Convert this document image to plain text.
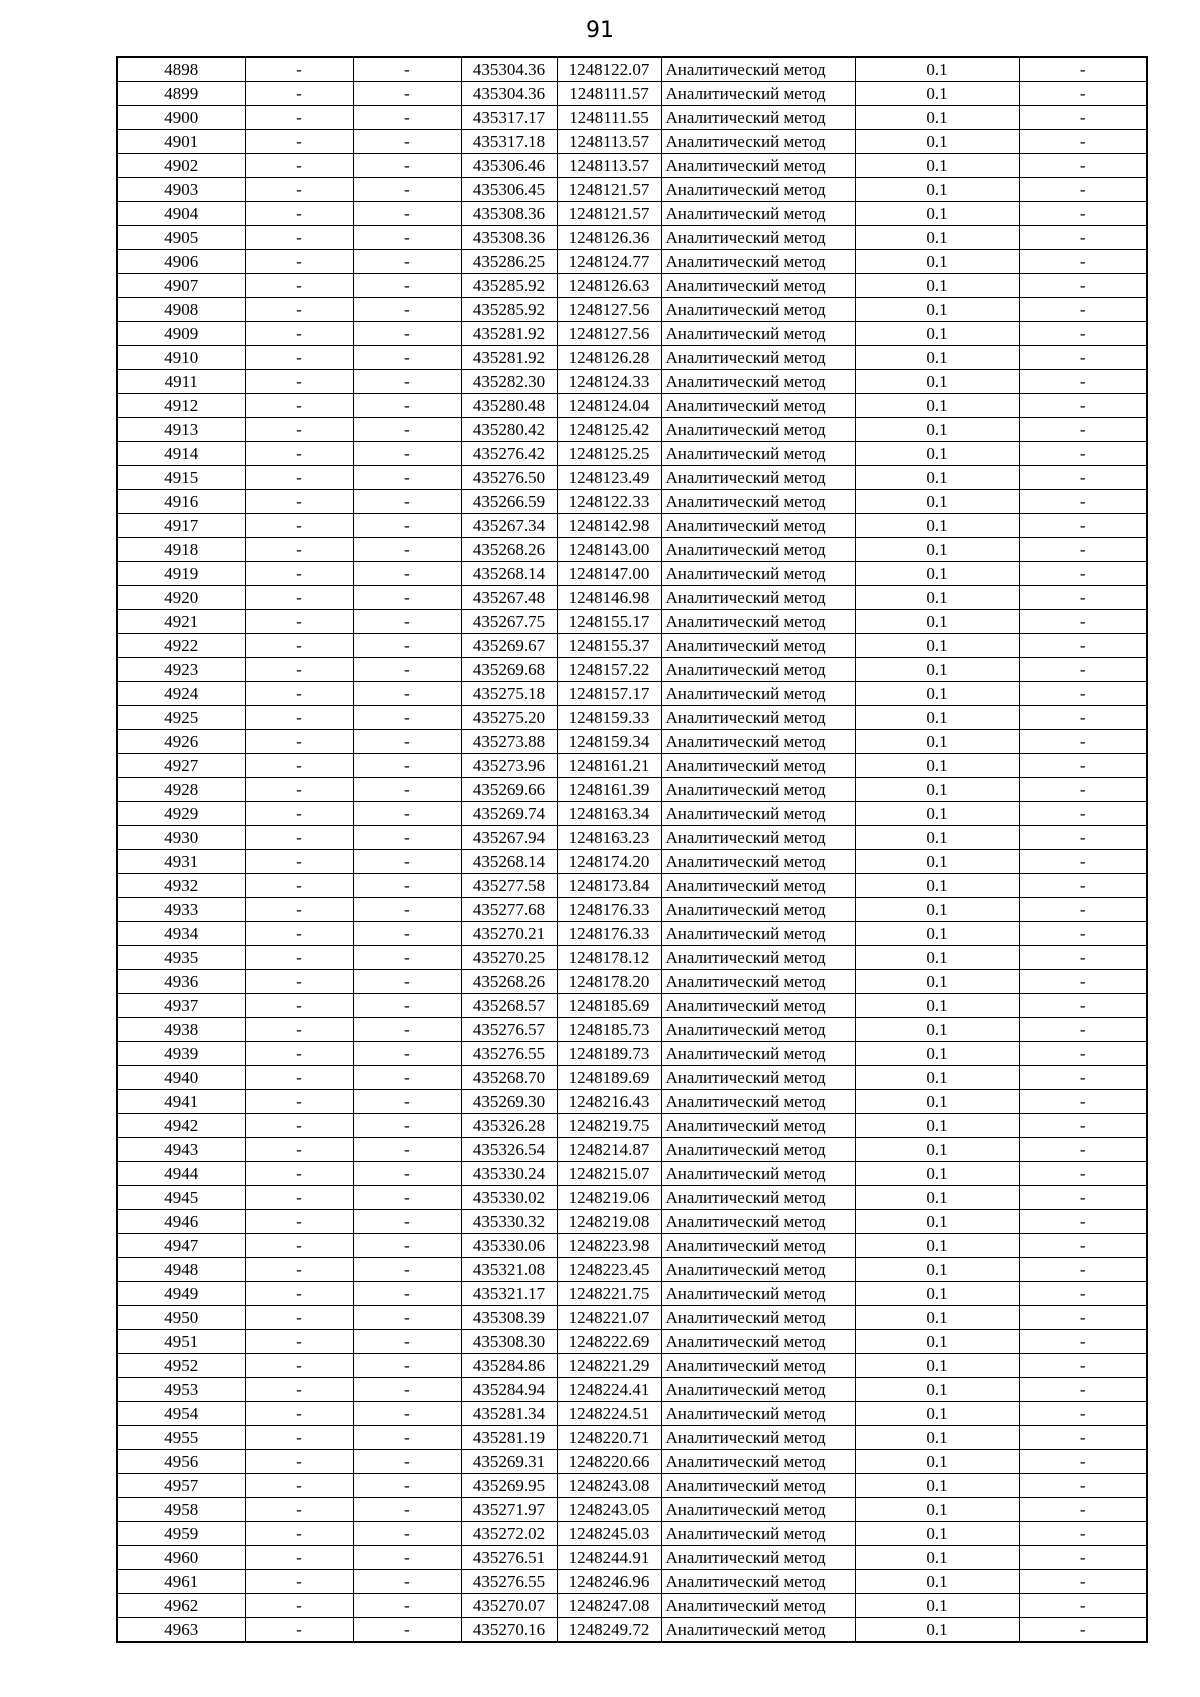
91
4898	-	-	435304.36	1248122.07	Аналитический метод	0.1	-
4899	-	-	435304.36	1248111.57	Аналитический метод	0.1	-
4900	-	-	435317.17	1248111.55	Аналитический метод	0.1	-
4901	-	-	435317.18	1248113.57	Аналитический метод	0.1	-
4902	-	-	435306.46	1248113.57	Аналитический метод	0.1	-
4903	-	-	435306.45	1248121.57	Аналитический метод	0.1	-
4904	-	-	435308.36	1248121.57	Аналитический метод	0.1	-
4905	-	-	435308.36	1248126.36	Аналитический метод	0.1	-
4906	-	-	435286.25	1248124.77	Аналитический метод	0.1	-
4907	-	-	435285.92	1248126.63	Аналитический метод	0.1	-
4908	-	-	435285.92	1248127.56	Аналитический метод	0.1	-
4909	-	-	435281.92	1248127.56	Аналитический метод	0.1	-
4910	-	-	435281.92	1248126.28	Аналитический метод	0.1	-
4911	-	-	435282.30	1248124.33	Аналитический метод	0.1	-
4912	-	-	435280.48	1248124.04	Аналитический метод	0.1	-
4913	-	-	435280.42	1248125.42	Аналитический метод	0.1	-
4914	-	-	435276.42	1248125.25	Аналитический метод	0.1	-
4915	-	-	435276.50	1248123.49	Аналитический метод	0.1	-
4916	-	-	435266.59	1248122.33	Аналитический метод	0.1	-
4917	-	-	435267.34	1248142.98	Аналитический метод	0.1	-
4918	-	-	435268.26	1248143.00	Аналитический метод	0.1	-
4919	-	-	435268.14	1248147.00	Аналитический метод	0.1	-
4920	-	-	435267.48	1248146.98	Аналитический метод	0.1	-
4921	-	-	435267.75	1248155.17	Аналитический метод	0.1	-
4922	-	-	435269.67	1248155.37	Аналитический метод	0.1	-
4923	-	-	435269.68	1248157.22	Аналитический метод	0.1	-
4924	-	-	435275.18	1248157.17	Аналитический метод	0.1	-
4925	-	-	435275.20	1248159.33	Аналитический метод	0.1	-
4926	-	-	435273.88	1248159.34	Аналитический метод	0.1	-
4927	-	-	435273.96	1248161.21	Аналитический метод	0.1	-
4928	-	-	435269.66	1248161.39	Аналитический метод	0.1	-
4929	-	-	435269.74	1248163.34	Аналитический метод	0.1	-
4930	-	-	435267.94	1248163.23	Аналитический метод	0.1	-
4931	-	-	435268.14	1248174.20	Аналитический метод	0.1	-
4932	-	-	435277.58	1248173.84	Аналитический метод	0.1	-
4933	-	-	435277.68	1248176.33	Аналитический метод	0.1	-
4934	-	-	435270.21	1248176.33	Аналитический метод	0.1	-
4935	-	-	435270.25	1248178.12	Аналитический метод	0.1	-
4936	-	-	435268.26	1248178.20	Аналитический метод	0.1	-
4937	-	-	435268.57	1248185.69	Аналитический метод	0.1	-
4938	-	-	435276.57	1248185.73	Аналитический метод	0.1	-
4939	-	-	435276.55	1248189.73	Аналитический метод	0.1	-
4940	-	-	435268.70	1248189.69	Аналитический метод	0.1	-
4941	-	-	435269.30	1248216.43	Аналитический метод	0.1	-
4942	-	-	435326.28	1248219.75	Аналитический метод	0.1	-
4943	-	-	435326.54	1248214.87	Аналитический метод	0.1	-
4944	-	-	435330.24	1248215.07	Аналитический метод	0.1	-
4945	-	-	435330.02	1248219.06	Аналитический метод	0.1	-
4946	-	-	435330.32	1248219.08	Аналитический метод	0.1	-
4947	-	-	435330.06	1248223.98	Аналитический метод	0.1	-
4948	-	-	435321.08	1248223.45	Аналитический метод	0.1	-
4949	-	-	435321.17	1248221.75	Аналитический метод	0.1	-
4950	-	-	435308.39	1248221.07	Аналитический метод	0.1	-
4951	-	-	435308.30	1248222.69	Аналитический метод	0.1	-
4952	-	-	435284.86	1248221.29	Аналитический метод	0.1	-
4953	-	-	435284.94	1248224.41	Аналитический метод	0.1	-
4954	-	-	435281.34	1248224.51	Аналитический метод	0.1	-
4955	-	-	435281.19	1248220.71	Аналитический метод	0.1	-
4956	-	-	435269.31	1248220.66	Аналитический метод	0.1	-
4957	-	-	435269.95	1248243.08	Аналитический метод	0.1	-
4958	-	-	435271.97	1248243.05	Аналитический метод	0.1	-
4959	-	-	435272.02	1248245.03	Аналитический метод	0.1	-
4960	-	-	435276.51	1248244.91	Аналитический метод	0.1	-
4961	-	-	435276.55	1248246.96	Аналитический метод	0.1	-
4962	-	-	435270.07	1248247.08	Аналитический метод	0.1	-
4963	-	-	435270.16	1248249.72	Аналитический метод	0.1	-
